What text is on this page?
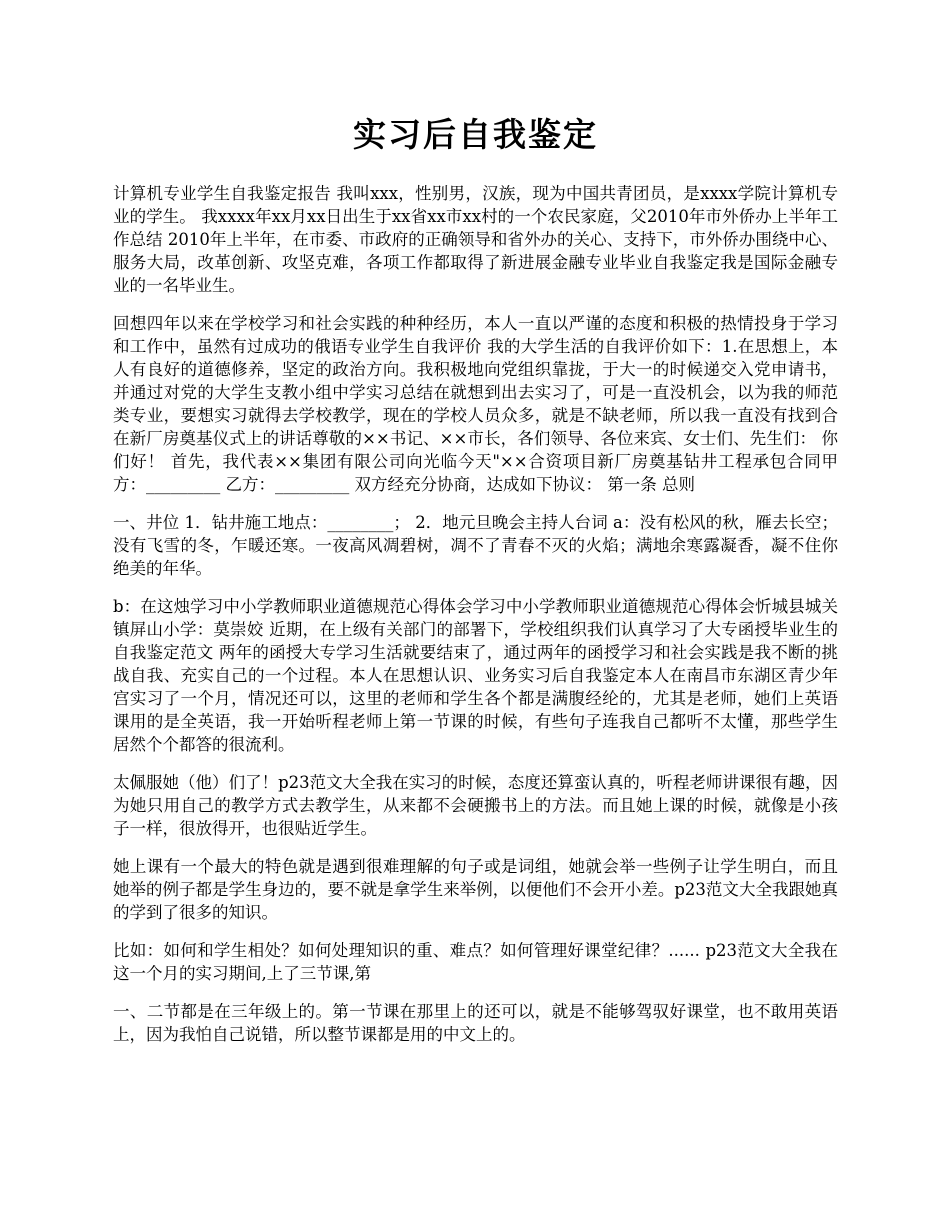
实习后自我鉴定

计算机专业学生自我鉴定报告 我叫xxx，性别男，汉族，现为中国共青团员，是xxxx学院计算机专业的学生。 我xxxx年xx月xx日出生于xx省xx市xx村的一个农民家庭，父2010年市外侨办上半年工作总结 2010年上半年，在市委、市政府的正确领导和省外办的关心、支持下，市外侨办围绕中心、服务大局，改革创新、攻坚克难，各项工作都取得了新进展金融专业毕业自我鉴定我是国际金融专业的一名毕业生。

回想四年以来在学校学习和社会实践的种种经历，本人一直以严谨的态度和积极的热情投身于学习和工作中，虽然有过成功的俄语专业学生自我评价 我的大学生活的自我评价如下：1.在思想上，本人有良好的道德修养，坚定的政治方向。我积极地向党组织靠拢，于大一的时候递交入党申请书，并通过对党的大学生支教小组中学实习总结在就想到出去实习了，可是一直没机会，以为我的师范类专业，要想实习就得去学校教学，现在的学校人员众多，就是不缺老师，所以我一直没有找到合在新厂房奠基仪式上的讲话尊敬的××书记、××市长，各们领导、各位来宾、女士们、先生们： 你们好！ 首先，我代表××集团有限公司向光临今天"××合资项目新厂房奠基钻井工程承包合同甲方：_________ 乙方：_________ 双方经充分协商，达成如下协议： 第一条 总则

一、井位 1．钻井施工地点：________； 2．地元旦晚会主持人台词 a：没有松风的秋，雁去长空；没有飞雪的冬，乍暖还寒。一夜高风凋碧树，凋不了青春不灭的火焰；满地余寒露凝香，凝不住你绝美的年华。

b：在这烛学习中小学教师职业道德规范心得体会学习中小学教师职业道德规范心得体会忻城县城关镇屏山小学：莫崇姣 近期，在上级有关部门的部署下，学校组织我们认真学习了大专函授毕业生的自我鉴定范文 两年的函授大专学习生活就要结束了，通过两年的函授学习和社会实践是我不断的挑战自我、充实自己的一个过程。本人在思想认识、业务实习后自我鉴定本人在南昌市东湖区青少年宫实习了一个月，情况还可以，这里的老师和学生各个都是满腹经纶的，尤其是老师，她们上英语课用的是全英语，我一开始听程老师上第一节课的时候，有些句子连我自己都听不太懂，那些学生居然个个都答的很流利。

太佩服她（他）们了！p23范文大全我在实习的时候，态度还算蛮认真的，听程老师讲课很有趣，因为她只用自己的教学方式去教学生，从来都不会硬搬书上的方法。而且她上课的时候，就像是小孩子一样，很放得开，也很贴近学生。

她上课有一个最大的特色就是遇到很难理解的句子或是词组，她就会举一些例子让学生明白，而且她举的例子都是学生身边的，要不就是拿学生来举例，以便他们不会开小差。p23范文大全我跟她真的学到了很多的知识。

比如：如何和学生相处？如何处理知识的重、难点？如何管理好课堂纪律？...... p23范文大全我在这一个月的实习期间,上了三节课,第

一、二节都是在三年级上的。第一节课在那里上的还可以，就是不能够驾驭好课堂，也不敢用英语上，因为我怕自己说错，所以整节课都是用的中文上的。
